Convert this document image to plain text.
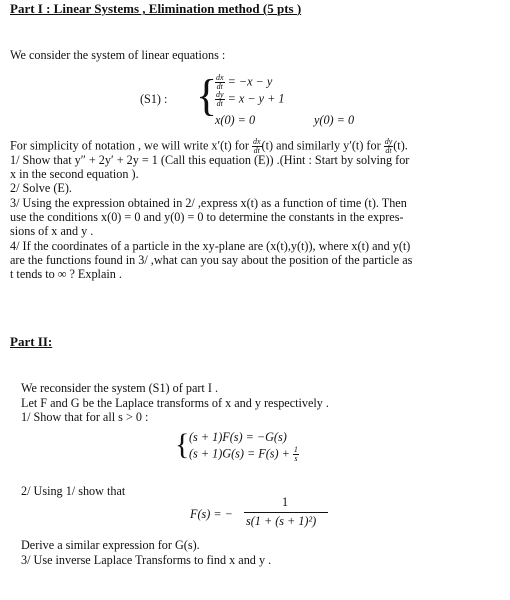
Part I : Linear Systems , Elimination method (5 pts )
We consider the system of linear equations :
(S1) : {
$\frac{dx}{dt} = -x - y$
$\frac{dy}{dt} = x - y + 1$
x(0) = 0	y(0) = 0
For simplicity of notation , we will write x′(t) for $\frac{dx}{dt} (t)$ and similarly y′(t) for $\frac{dy}{dt} (t)$.
1/ Show that y″ + 2y′ + 2y = 1 (Call this equation (E)) .(Hint : Start by solving for
x in the second equation ).
2/ Solve (E).
3/ Using the expression obtained in 2/ ,express x(t) as a function of time (t). Then
use the conditions x(0) = 0 and y(0) = 0 to determine the constants in the expres-
sions of x and y .
4/ If the coordinates of a particle in the xy-plane are (x(t),y(t)), where x(t) and y(t)
are the functions found in 3/ ,what can you say about the position of the particle as
t tends to ∞ ? Explain .
Part II:
We reconsider the system (S1) of part I .
Let F and G be the Laplace transforms of x and y respectively .
1/ Show that for all s > 0 :
{ (s + 1)F(s) = −G(s)
$(s + 1)G(s) = F(s) + \frac{1}{s}$
2/ Using 1/ show that
F(s) = −
1
s(1 + (s + 1)²)
Derive a similar expression for G(s).
3/ Use inverse Laplace Transforms to find x and y .
